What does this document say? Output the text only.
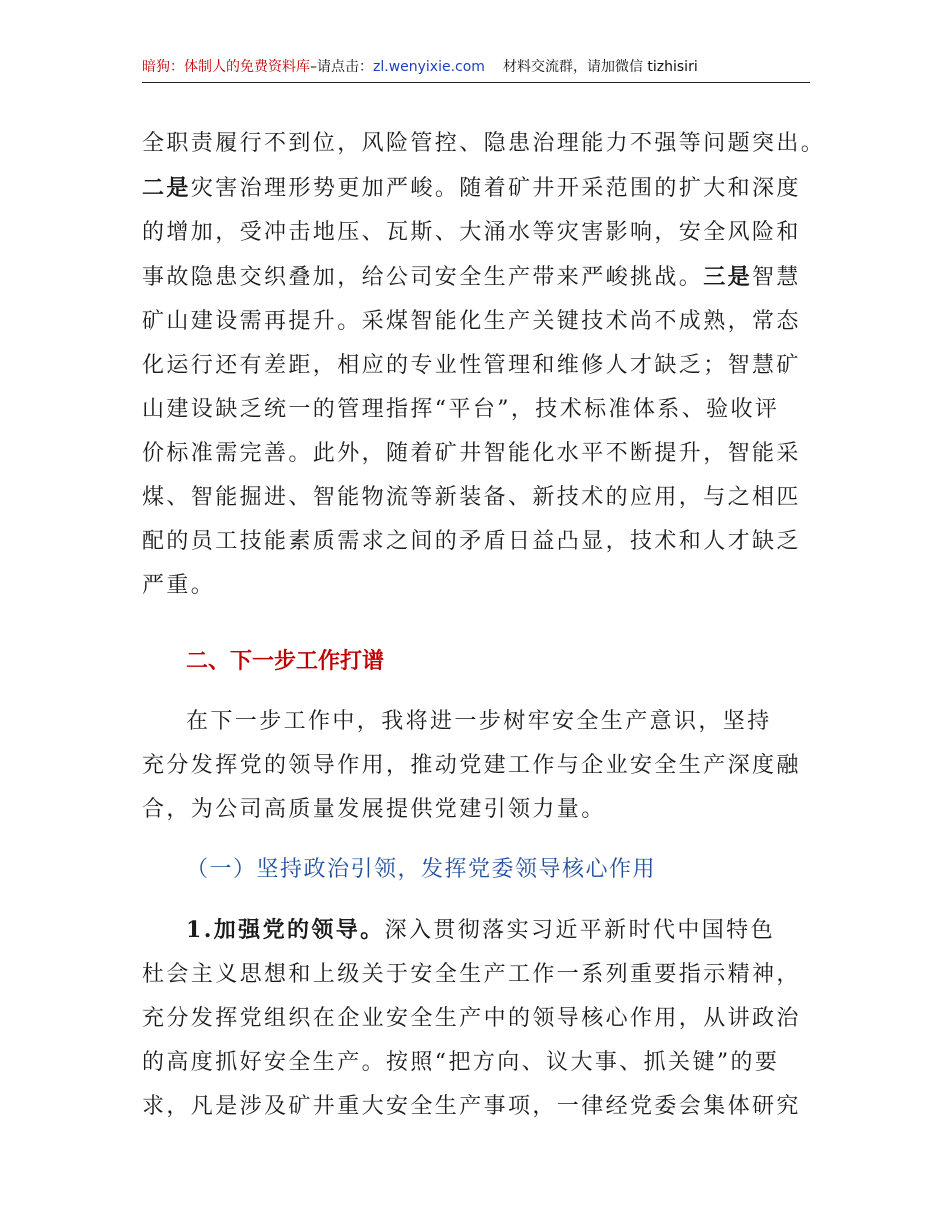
暗狗：体制人的免费资料库–请点击：zl.wenyixie.com 材料交流群，请加微信 tizhisiri

全职责履行不到位，风险管控、隐患治理能力不强等问题突出。

二是灾害治理形势更加严峻。随着矿井开采范围的扩大和深度

的增加，受冲击地压、瓦斯、大涌水等灾害影响，安全风险和

事故隐患交织叠加，给公司安全生产带来严峻挑战。三是智慧

矿山建设需再提升。采煤智能化生产关键技术尚不成熟，常态

化运行还有差距，相应的专业性管理和维修人才缺乏；智慧矿

山建设缺乏统一的管理指挥“平台”，技术标准体系、验收评

价标准需完善。此外，随着矿井智能化水平不断提升，智能采

煤、智能掘进、智能物流等新装备、新技术的应用，与之相匹

配的员工技能素质需求之间的矛盾日益凸显，技术和人才缺乏

严重。

二、下一步工作打谱

在下一步工作中，我将进一步树牢安全生产意识，坚持

充分发挥党的领导作用，推动党建工作与企业安全生产深度融

合，为公司高质量发展提供党建引领力量。

（一）坚持政治引领，发挥党委领导核心作用

1.加强党的领导。深入贯彻落实习近平新时代中国特色

杜会主义思想和上级关于安全生产工作一系列重要指示精神，

充分发挥党组织在企业安全生产中的领导核心作用，从讲政治

的高度抓好安全生产。按照“把方向、议大事、抓关键”的要

求，凡是涉及矿井重大安全生产事项，一律经党委会集体研究
